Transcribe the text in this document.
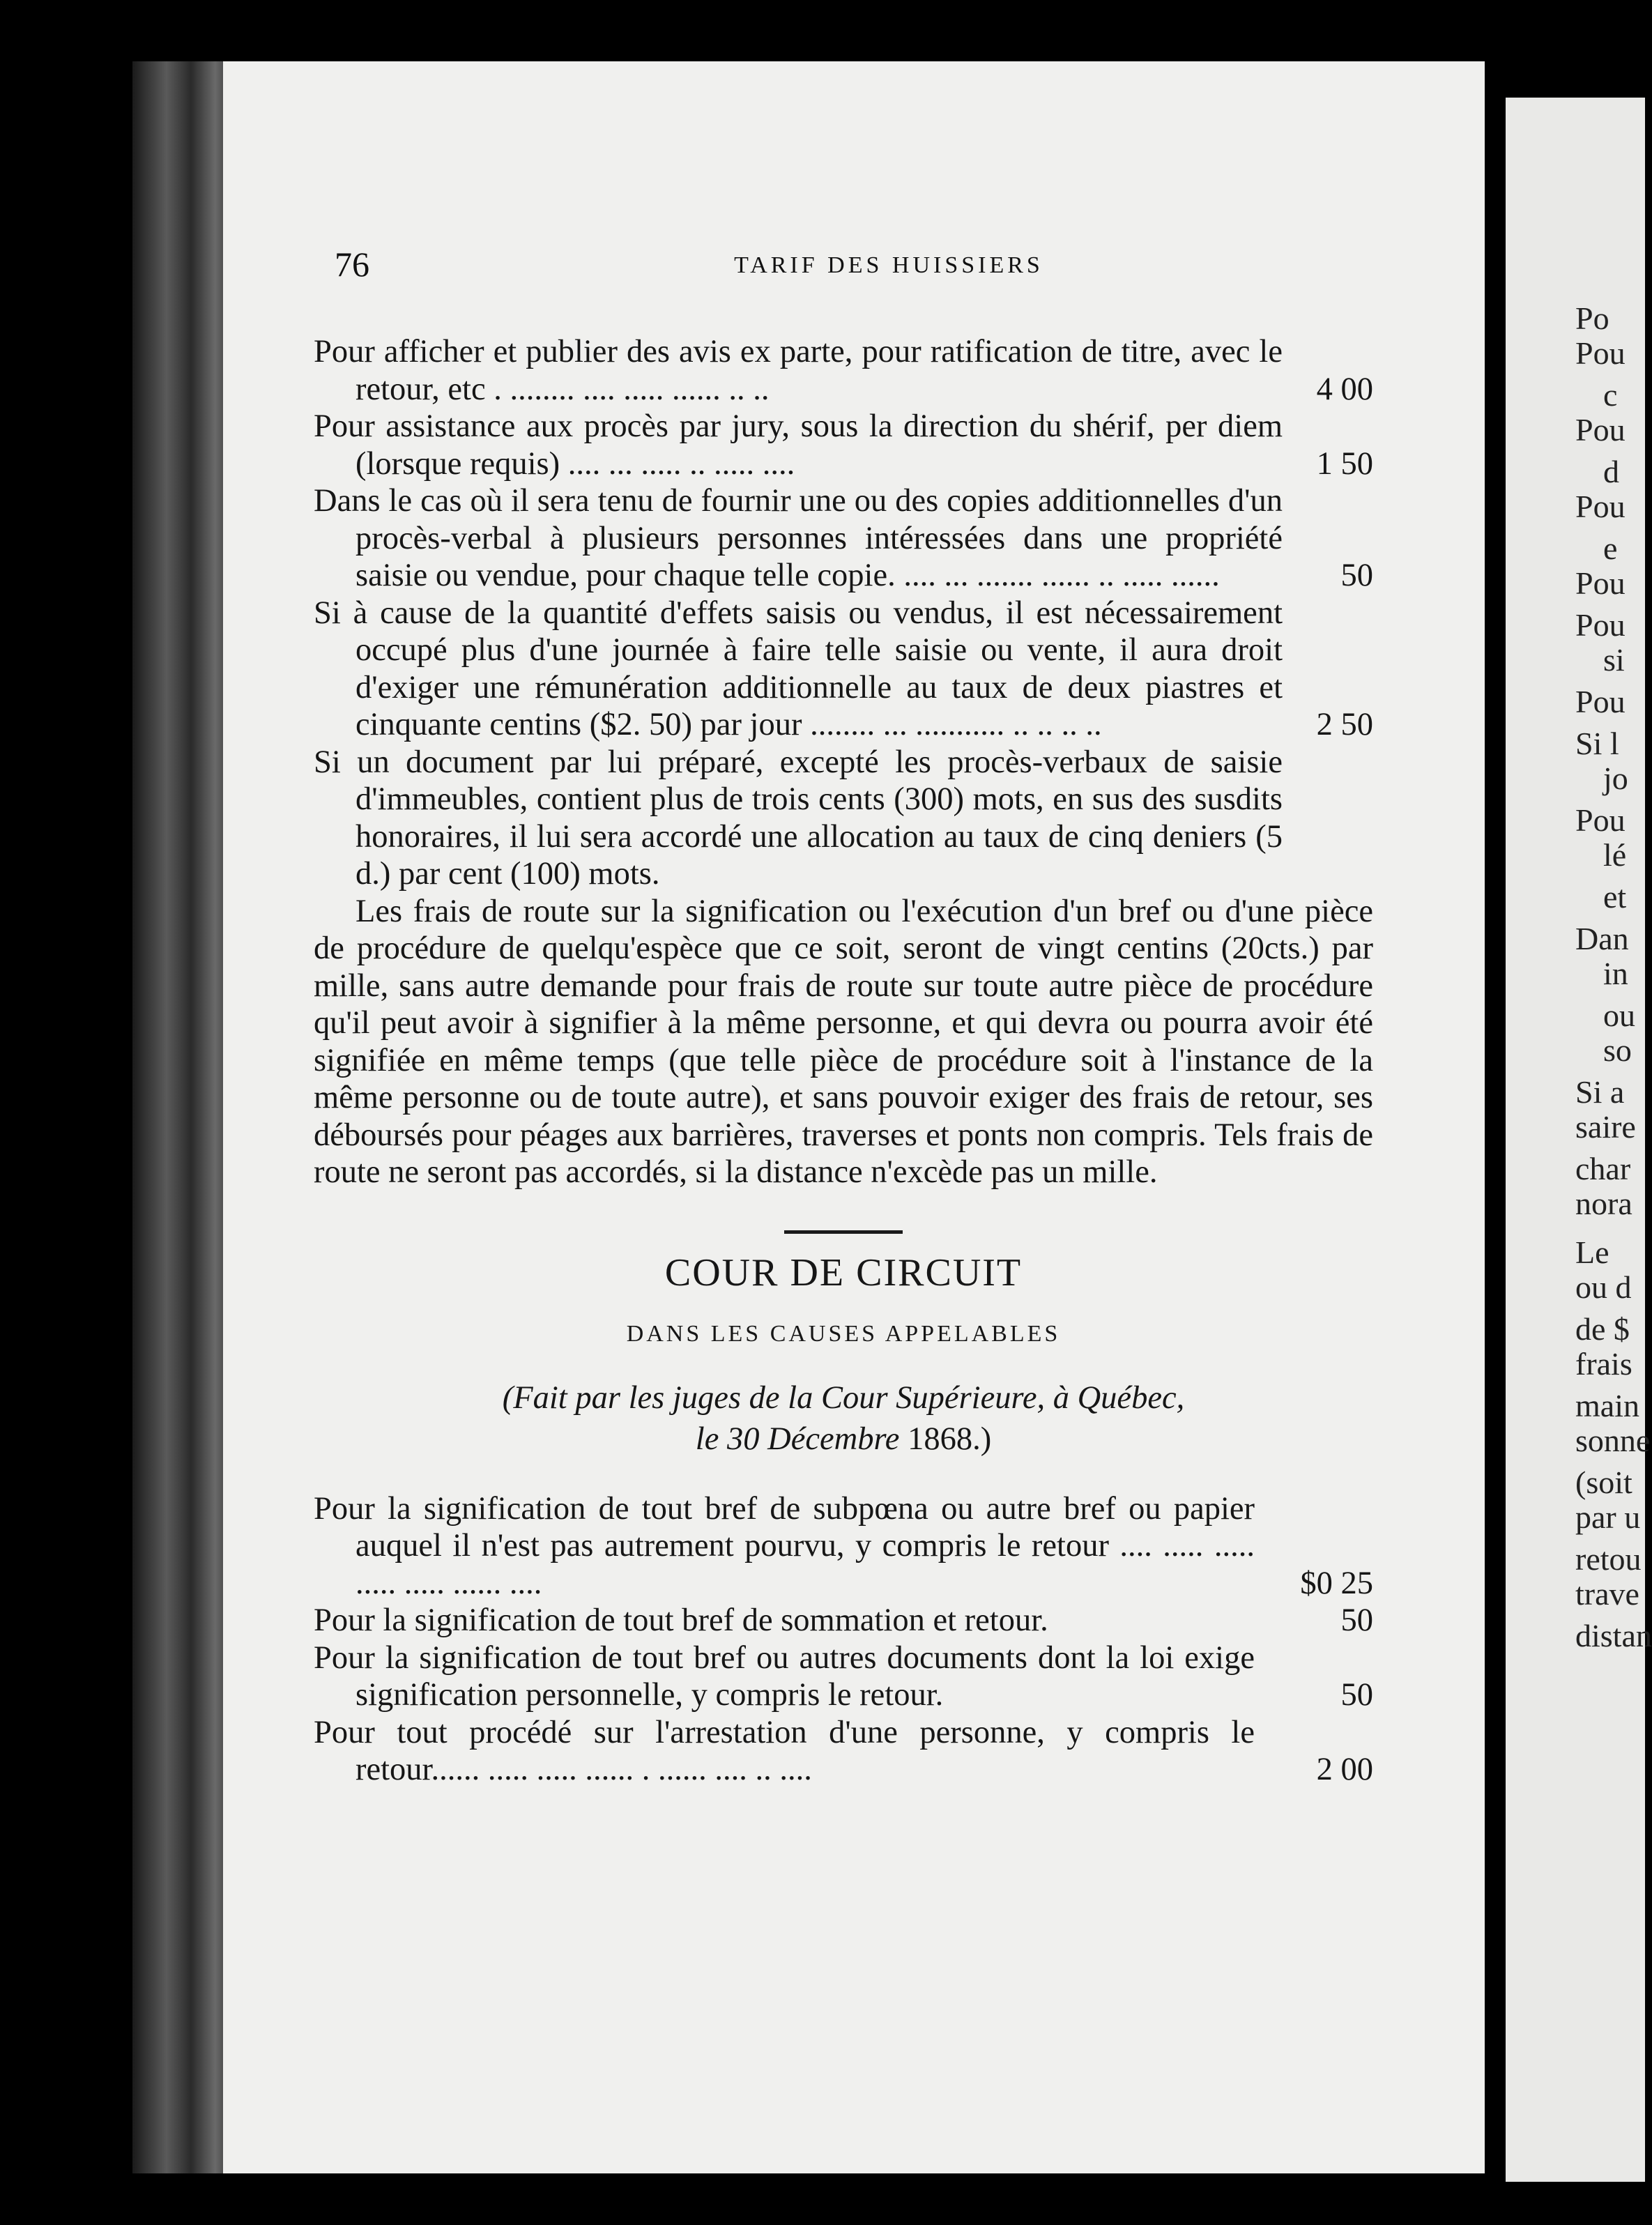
76	TARIF DES HUISSIERS
Pour afficher et publier des avis ex parte, pour ratification de titre, avec le retour, etc . ........ .... ..... ...... .. ..	4 00
Pour assistance aux procès par jury, sous la direction du shérif, per diem (lorsque requis) .... ... ..... .. ..... ....	1 50
Dans le cas où il sera tenu de fournir une ou des copies additionnelles d'un procès-verbal à plusieurs personnes intéressées dans une propriété saisie ou vendue, pour chaque telle copie. .... ... ....... ...... .. ..... ......	50
Si à cause de la quantité d'effets saisis ou vendus, il est nécessairement occupé plus d'une journée à faire telle saisie ou vente, il aura droit d'exiger une rémunération additionnelle au taux de deux piastres et cinquante centins ($2. 50) par jour ........ ... ........... .. .. .. ..	2 50
Si un document par lui préparé, excepté les procès-verbaux de saisie d'immeubles, contient plus de trois cents (300) mots, en sus des susdits honoraires, il lui sera accordé une allocation au taux de cinq deniers (5 d.) par cent (100) mots.

Les frais de route sur la signification ou l'exécution d'un bref ou d'une pièce de procédure de quelqu'espèce que ce soit, seront de vingt centins (20cts.) par mille, sans autre demande pour frais de route sur toute autre pièce de procédure qu'il peut avoir à signifier à la même personne, et qui devra ou pourra avoir été signifiée en même temps (que telle pièce de procédure soit à l'instance de la même personne ou de toute autre), et sans pouvoir exiger des frais de retour, ses déboursés pour péages aux barrières, traverses et ponts non compris. Tels frais de route ne seront pas accordés, si la distance n'excède pas un mille.

COUR DE CIRCUIT
DANS LES CAUSES APPELABLES
(Fait par les juges de la Cour Supérieure, à Québec,
le 30 Décembre 1868.)
Pour la signification de tout bref de subpœna ou autre bref ou papier auquel il n'est pas autrement pourvu, y compris le retour .... ..... ..... ..... ..... ...... ....	$0 25
Pour la signification de tout bref de sommation et retour.	50
Pour la signification de tout bref ou autres documents dont la loi exige signification personnelle, y compris le retour.	50
Pour tout procédé sur l'arrestation d'une personne, y compris le retour...... ..... ..... ...... . ...... .... .. ....	2 00
Po
Pou
c
Pou
d
Pou
e
Pou
Pou
si
Pou
Si l
jo
Pou
lé
et
Dan
in
ou
so
Si a
saire
char
nora
Le
ou d
de $
frais
main
sonne
(soit
par u
retou
trave
distan
